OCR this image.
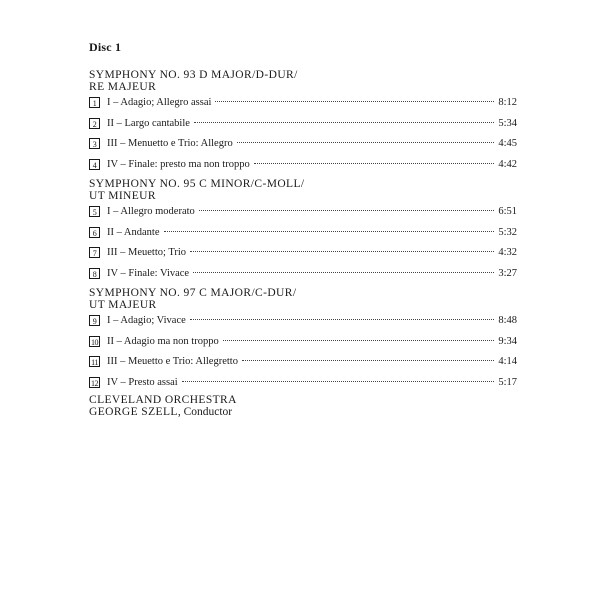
Disc 1
SYMPHONY NO. 93 D MAJOR/D-DUR/
RE MAJEUR
1	I – Adagio; Allegro assai	8:12
2	II – Largo cantabile	5:34
3	III – Menuetto e Trio: Allegro	4:45
4	IV – Finale: presto ma non troppo	4:42
SYMPHONY NO. 95 C MINOR/C-MOLL/
UT MINEUR
5	I – Allegro moderato	6:51
6	II – Andante	5:32
7	III – Meuetto; Trio	4:32
8	IV – Finale: Vivace	3:27
SYMPHONY NO. 97 C MAJOR/C-DUR/
UT MAJEUR
9	I – Adagio; Vivace	8:48
10 II – Adagio ma non troppo	9:34
11 III – Meuetto e Trio: Allegretto	4:14
12 IV – Presto assai	5:17
CLEVELAND ORCHESTRA
GEORGE SZELL, Conductor
